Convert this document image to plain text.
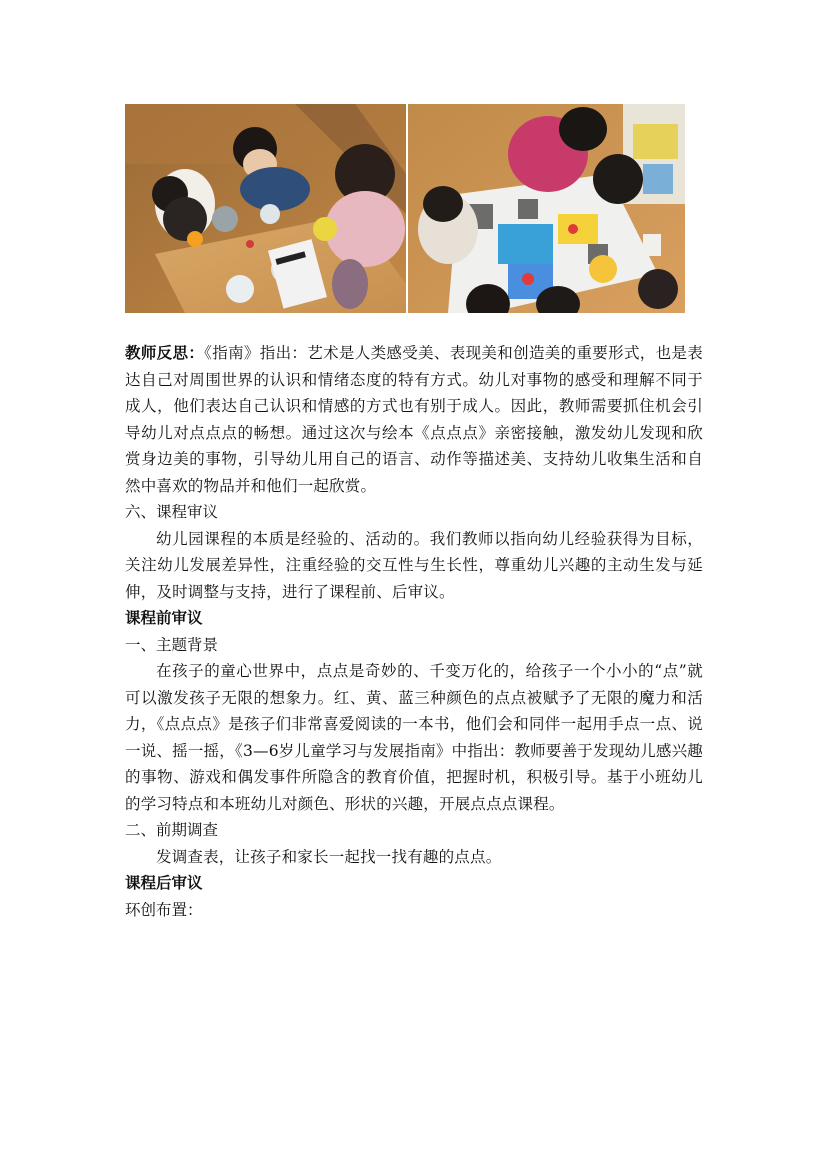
教师反思：《指南》指出：艺术是人类感受美、表现美和创造美的重要形式，也是表达自己对周围世界的认识和情绪态度的特有方式。幼儿对事物的感受和理解不同于成人，他们表达自己认识和情感的方式也有别于成人。因此，教师需要抓住机会引导幼儿对点点点的畅想。通过这次与绘本《点点点》亲密接触，激发幼儿发现和欣赏身边美的事物，引导幼儿用自己的语言、动作等描述美、支持幼儿收集生活和自然中喜欢的物品并和他们一起欣赏。

六、课程审议

幼儿园课程的本质是经验的、活动的。我们教师以指向幼儿经验获得为目标，关注幼儿发展差异性，注重经验的交互性与生长性，尊重幼儿兴趣的主动生发与延伸，及时调整与支持，进行了课程前、后审议。

课程前审议

一、主题背景

在孩子的童心世界中，点点是奇妙的、千变万化的，给孩子一个小小的“点”就可以激发孩子无限的想象力。红、黄、蓝三种颜色的点点被赋予了无限的魔力和活力，《点点点》是孩子们非常喜爱阅读的一本书，他们会和同伴一起用手点一点、说一说、摇一摇，《3—6岁儿童学习与发展指南》中指出：教师要善于发现幼儿感兴趣的事物、游戏和偶发事件所隐含的教育价值，把握时机，积极引导。基于小班幼儿的学习特点和本班幼儿对颜色、形状的兴趣，开展点点点课程。

二、前期调查

发调查表，让孩子和家长一起找一找有趣的点点。

课程后审议

环创布置：
